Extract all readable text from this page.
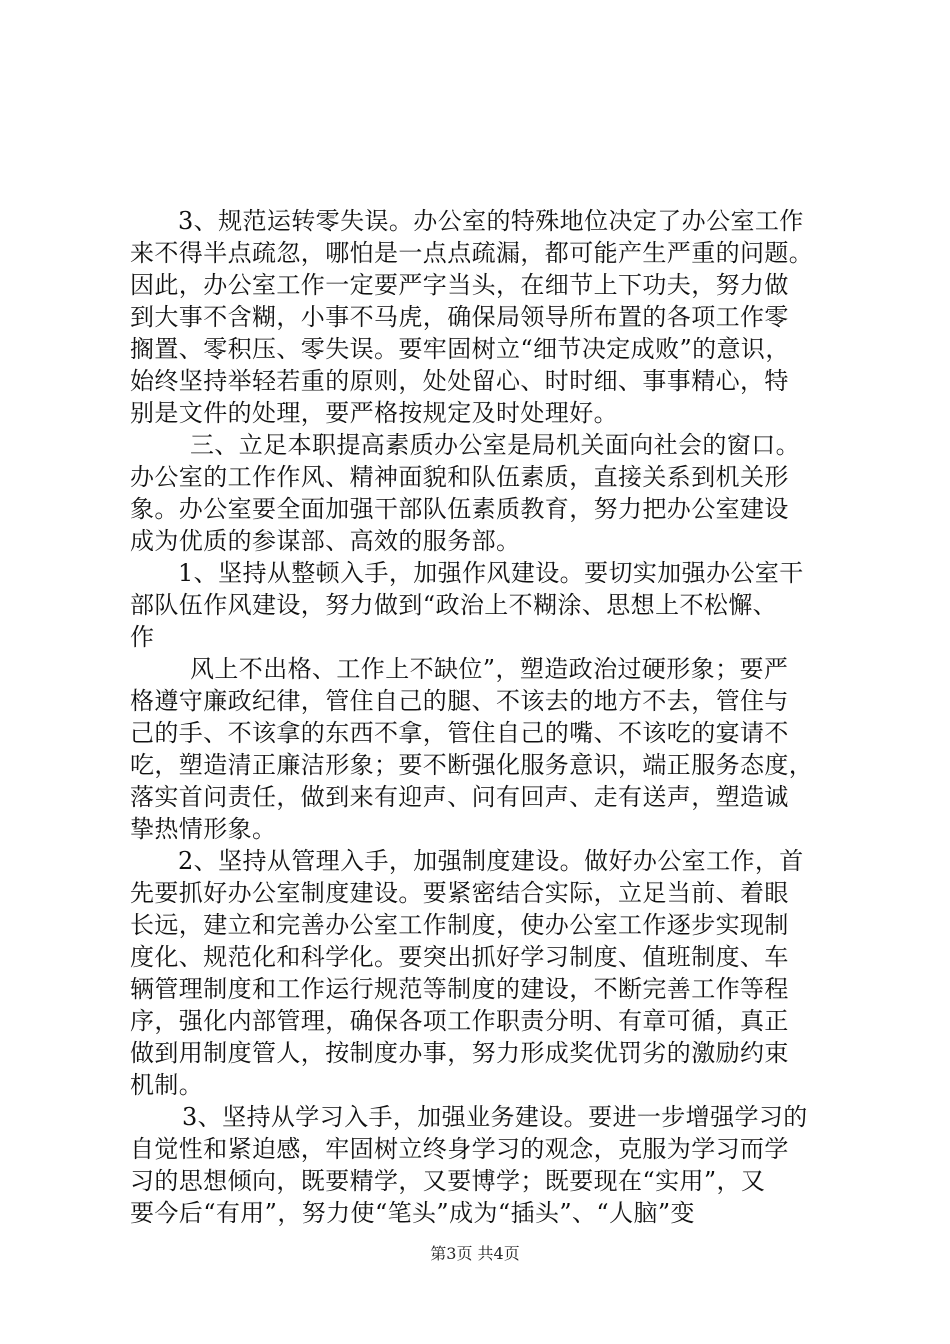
3、规范运转零失误。办公室的特殊地位决定了办公室工作
来不得半点疏忽，哪怕是一点点疏漏，都可能产生严重的问题。
因此，办公室工作一定要严字当头，在细节上下功夫，努力做
到大事不含糊，小事不马虎，确保局领导所布置的各项工作零
搁置、零积压、零失误。要牢固树立“细节决定成败”的意识，
始终坚持举轻若重的原则，处处留心、时时细、事事精心，特
别是文件的处理，要严格按规定及时处理好。
三、立足本职提高素质办公室是局机关面向社会的窗口。
办公室的工作作风、精神面貌和队伍素质，直接关系到机关形
象。办公室要全面加强干部队伍素质教育，努力把办公室建设
成为优质的参谋部、高效的服务部。
1、坚持从整顿入手，加强作风建设。要切实加强办公室干
部队伍作风建设，努力做到“政治上不糊涂、思想上不松懈、
作
风上不出格、工作上不缺位”，塑造政治过硬形象；要严
格遵守廉政纪律，管住自己的腿、不该去的地方不去，管住与
己的手、不该拿的东西不拿，管住自己的嘴、不该吃的宴请不
吃，塑造清正廉洁形象；要不断强化服务意识，端正服务态度，
落实首问责任，做到来有迎声、问有回声、走有送声，塑造诚
挚热情形象。
2、坚持从管理入手，加强制度建设。做好办公室工作，首
先要抓好办公室制度建设。要紧密结合实际，立足当前、着眼
长远，建立和完善办公室工作制度，使办公室工作逐步实现制
度化、规范化和科学化。要突出抓好学习制度、值班制度、车
辆管理制度和工作运行规范等制度的建设，不断完善工作等程
序，强化内部管理，确保各项工作职责分明、有章可循，真正
做到用制度管人，按制度办事，努力形成奖优罚劣的激励约束
机制。
3、坚持从学习入手，加强业务建设。要进一步增强学习的
自觉性和紧迫感，牢固树立终身学习的观念，克服为学习而学
习的思想倾向，既要精学，又要博学；既要现在“实用”，又
要今后“有用”，努力使“笔头”成为“插头”、“人脑”变
第3页 共4页
